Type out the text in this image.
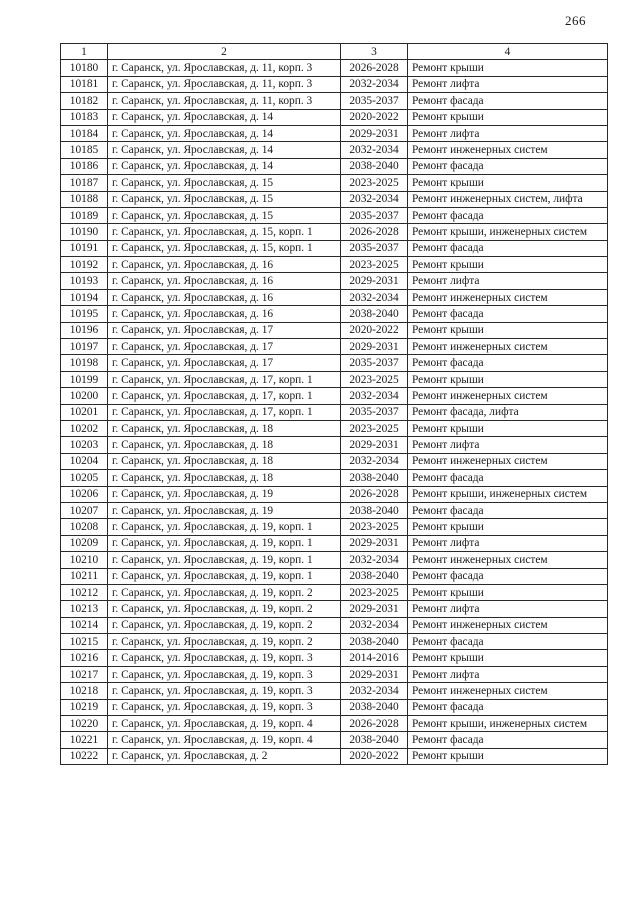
266
1	2	3	4
10180	г. Саранск, ул. Ярославская, д. 11, корп. 3	2026-2028	Ремонт крыши
10181	г. Саранск, ул. Ярославская, д. 11, корп. 3	2032-2034	Ремонт лифта
10182	г. Саранск, ул. Ярославская, д. 11, корп. 3	2035-2037	Ремонт фасада
10183	г. Саранск, ул. Ярославская, д. 14	2020-2022	Ремонт крыши
10184	г. Саранск, ул. Ярославская, д. 14	2029-2031	Ремонт лифта
10185	г. Саранск, ул. Ярославская, д. 14	2032-2034	Ремонт инженерных систем
10186	г. Саранск, ул. Ярославская, д. 14	2038-2040	Ремонт фасада
10187	г. Саранск, ул. Ярославская, д. 15	2023-2025	Ремонт крыши
10188	г. Саранск, ул. Ярославская, д. 15	2032-2034	Ремонт инженерных систем, лифта
10189	г. Саранск, ул. Ярославская, д. 15	2035-2037	Ремонт фасада
10190	г. Саранск, ул. Ярославская, д. 15, корп. 1	2026-2028	Ремонт крыши, инженерных систем
10191	г. Саранск, ул. Ярославская, д. 15, корп. 1	2035-2037	Ремонт фасада
10192	г. Саранск, ул. Ярославская, д. 16	2023-2025	Ремонт крыши
10193	г. Саранск, ул. Ярославская, д. 16	2029-2031	Ремонт лифта
10194	г. Саранск, ул. Ярославская, д. 16	2032-2034	Ремонт инженерных систем
10195	г. Саранск, ул. Ярославская, д. 16	2038-2040	Ремонт фасада
10196	г. Саранск, ул. Ярославская, д. 17	2020-2022	Ремонт крыши
10197	г. Саранск, ул. Ярославская, д. 17	2029-2031	Ремонт инженерных систем
10198	г. Саранск, ул. Ярославская, д. 17	2035-2037	Ремонт фасада
10199	г. Саранск, ул. Ярославская, д. 17, корп. 1	2023-2025	Ремонт крыши
10200	г. Саранск, ул. Ярославская, д. 17, корп. 1	2032-2034	Ремонт инженерных систем
10201	г. Саранск, ул. Ярославская, д. 17, корп. 1	2035-2037	Ремонт фасада, лифта
10202	г. Саранск, ул. Ярославская, д. 18	2023-2025	Ремонт крыши
10203	г. Саранск, ул. Ярославская, д. 18	2029-2031	Ремонт лифта
10204	г. Саранск, ул. Ярославская, д. 18	2032-2034	Ремонт инженерных систем
10205	г. Саранск, ул. Ярославская, д. 18	2038-2040	Ремонт фасада
10206	г. Саранск, ул. Ярославская, д. 19	2026-2028	Ремонт крыши, инженерных систем
10207	г. Саранск, ул. Ярославская, д. 19	2038-2040	Ремонт фасада
10208	г. Саранск, ул. Ярославская, д. 19, корп. 1	2023-2025	Ремонт крыши
10209	г. Саранск, ул. Ярославская, д. 19, корп. 1	2029-2031	Ремонт лифта
10210	г. Саранск, ул. Ярославская, д. 19, корп. 1	2032-2034	Ремонт инженерных систем
10211	г. Саранск, ул. Ярославская, д. 19, корп. 1	2038-2040	Ремонт фасада
10212	г. Саранск, ул. Ярославская, д. 19, корп. 2	2023-2025	Ремонт крыши
10213	г. Саранск, ул. Ярославская, д. 19, корп. 2	2029-2031	Ремонт лифта
10214	г. Саранск, ул. Ярославская, д. 19, корп. 2	2032-2034	Ремонт инженерных систем
10215	г. Саранск, ул. Ярославская, д. 19, корп. 2	2038-2040	Ремонт фасада
10216	г. Саранск, ул. Ярославская, д. 19, корп. 3	2014-2016	Ремонт крыши
10217	г. Саранск, ул. Ярославская, д. 19, корп. 3	2029-2031	Ремонт лифта
10218	г. Саранск, ул. Ярославская, д. 19, корп. 3	2032-2034	Ремонт инженерных систем
10219	г. Саранск, ул. Ярославская, д. 19, корп. 3	2038-2040	Ремонт фасада
10220	г. Саранск, ул. Ярославская, д. 19, корп. 4	2026-2028	Ремонт крыши, инженерных систем
10221	г. Саранск, ул. Ярославская, д. 19, корп. 4	2038-2040	Ремонт фасада
10222	г. Саранск, ул. Ярославская, д. 2	2020-2022	Ремонт крыши
